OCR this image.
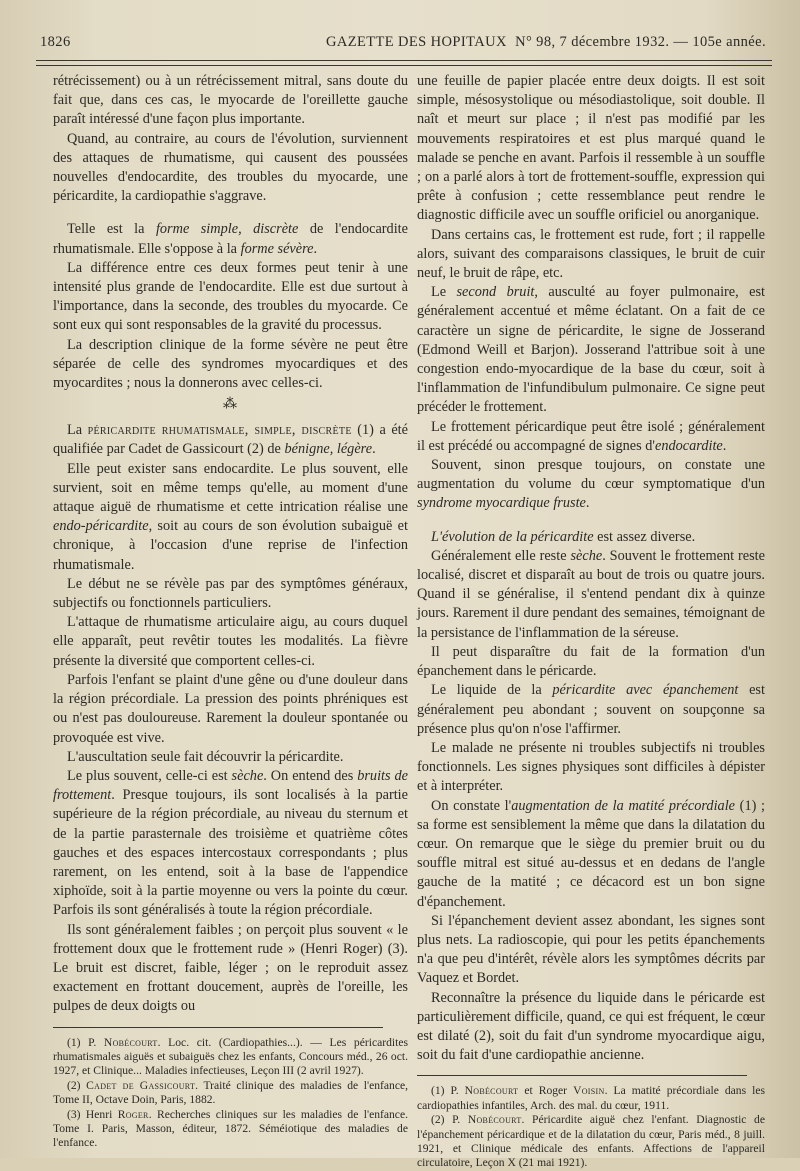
1826	GAZETTE DES HOPITAUX N° 98, 7 décembre 1932. — 105e année.

rétrécissement) ou à un rétrécissement mitral, sans doute du fait que, dans ces cas, le myocarde de l'oreillette gauche paraît intéressé d'une façon plus importante.

Quand, au contraire, au cours de l'évolution, surviennent des attaques de rhumatisme, qui causent des poussées nouvelles d'endocardite, des troubles du myocarde, une péricardite, la cardiopathie s'aggrave.

Telle est la forme simple, discrète de l'endocardite rhumatismale. Elle s'oppose à la forme sévère.

La différence entre ces deux formes peut tenir à une intensité plus grande de l'endocardite. Elle est due surtout à l'importance, dans la seconde, des troubles du myocarde. Ce sont eux qui sont responsables de la gravité du processus.

La description clinique de la forme sévère ne peut être séparée de celle des syndromes myocardiques et des myocardites ; nous la donnerons avec celles-ci.

⁂

La péricardite rhumatismale, simple, discrète (1) a été qualifiée par Cadet de Gassicourt (2) de bénigne, légère.

Elle peut exister sans endocardite. Le plus souvent, elle survient, soit en même temps qu'elle, au moment d'une attaque aiguë de rhumatisme et cette intrication réalise une endo-péricardite, soit au cours de son évolution subaiguë et chronique, à l'occasion d'une reprise de l'infection rhumatismale.

Le début ne se révèle pas par des symptômes généraux, subjectifs ou fonctionnels particuliers.

L'attaque de rhumatisme articulaire aigu, au cours duquel elle apparaît, peut revêtir toutes les modalités. La fièvre présente la diversité que comportent celles-ci.

Parfois l'enfant se plaint d'une gêne ou d'une douleur dans la région précordiale. La pression des points phréniques est ou n'est pas douloureuse. Rarement la douleur spontanée ou provoquée est vive.

L'auscultation seule fait découvrir la péricardite.

Le plus souvent, celle-ci est sèche. On entend des bruits de frottement. Presque toujours, ils sont localisés à la partie supérieure de la région précordiale, au niveau du sternum et de la partie parasternale des troisième et quatrième côtes gauches et des espaces intercostaux correspondants ; plus rarement, on les entend, soit à la base de l'appendice xiphoïde, soit à la partie moyenne ou vers la pointe du cœur. Parfois ils sont généralisés à toute la région précordiale.

Ils sont généralement faibles ; on perçoit plus souvent « le frottement doux que le frottement rude » (Henri Roger) (3). Le bruit est discret, faible, léger ; on le reproduit assez exactement en frottant doucement, auprès de l'oreille, les pulpes de deux doigts ou

(1) P. Nobécourt. Loc. cit. (Cardiopathies...). — Les péricardites rhumatismales aiguës et subaiguës chez les enfants, Concours méd., 26 oct. 1927, et Clinique... Maladies infectieuses, Leçon III (2 avril 1927).

(2) Cadet de Gassicourt. Traité clinique des maladies de l'enfance, Tome II, Octave Doin, Paris, 1882.

(3) Henri Roger. Recherches cliniques sur les maladies de l'enfance. Tome I. Paris, Masson, éditeur, 1872. Séméiotique des maladies de l'enfance.

une feuille de papier placée entre deux doigts. Il est soit simple, mésosystolique ou mésodiastolique, soit double. Il naît et meurt sur place ; il n'est pas modifié par les mouvements respiratoires et est plus marqué quand le malade se penche en avant. Parfois il ressemble à un souffle ; on a parlé alors à tort de frottement-souffle, expression qui prête à confusion ; cette ressemblance peut rendre le diagnostic difficile avec un souffle orificiel ou anorganique.

Dans certains cas, le frottement est rude, fort ; il rappelle alors, suivant des comparaisons classiques, le bruit de cuir neuf, le bruit de râpe, etc.

Le second bruit, ausculté au foyer pulmonaire, est généralement accentué et même éclatant. On a fait de ce caractère un signe de péricardite, le signe de Josserand (Edmond Weill et Barjon). Josserand l'attribue soit à une congestion endo-myocardique de la base du cœur, soit à l'inflammation de l'infundibulum pulmonaire. Ce signe peut précéder le frottement.

Le frottement péricardique peut être isolé ; généralement il est précédé ou accompagné de signes d'endocardite.

Souvent, sinon presque toujours, on constate une augmentation du volume du cœur symptomatique d'un syndrome myocardique fruste.

L'évolution de la péricardite est assez diverse.

Généralement elle reste sèche. Souvent le frottement reste localisé, discret et disparaît au bout de trois ou quatre jours. Quand il se généralise, il s'entend pendant dix à quinze jours. Rarement il dure pendant des semaines, témoignant de la persistance de l'inflammation de la séreuse.

Il peut disparaître du fait de la formation d'un épanchement dans le péricarde.

Le liquide de la péricardite avec épanchement est généralement peu abondant ; souvent on soupçonne sa présence plus qu'on n'ose l'affirmer.

Le malade ne présente ni troubles subjectifs ni troubles fonctionnels. Les signes physiques sont difficiles à dépister et à interpréter.

On constate l'augmentation de la matité précordiale (1) ; sa forme est sensiblement la même que dans la dilatation du cœur. On remarque que le siège du premier bruit ou du souffle mitral est situé au-dessus et en dedans de l'angle gauche de la matité ; ce décacord est un bon signe d'épanchement.

Si l'épanchement devient assez abondant, les signes sont plus nets. La radioscopie, qui pour les petits épanchements n'a que peu d'intérêt, révèle alors les symptômes décrits par Vaquez et Bordet.

Reconnaître la présence du liquide dans le péricarde est particulièrement difficile, quand, ce qui est fréquent, le cœur est dilaté (2), soit du fait d'un syndrome myocardique aigu, soit du fait d'une cardiopathie ancienne.

(1) P. Nobécourt et Roger Voisin. La matité précordiale dans les cardiopathies infantiles, Arch. des mal. du cœur, 1911.

(2) P. Nobécourt. Péricardite aiguë chez l'enfant. Diagnostic de l'épanchement péricardique et de la dilatation du cœur, Paris méd., 8 juill. 1921, et Clinique médicale des enfants. Affections de l'appareil circulatoire, Leçon X (21 mai 1921).
